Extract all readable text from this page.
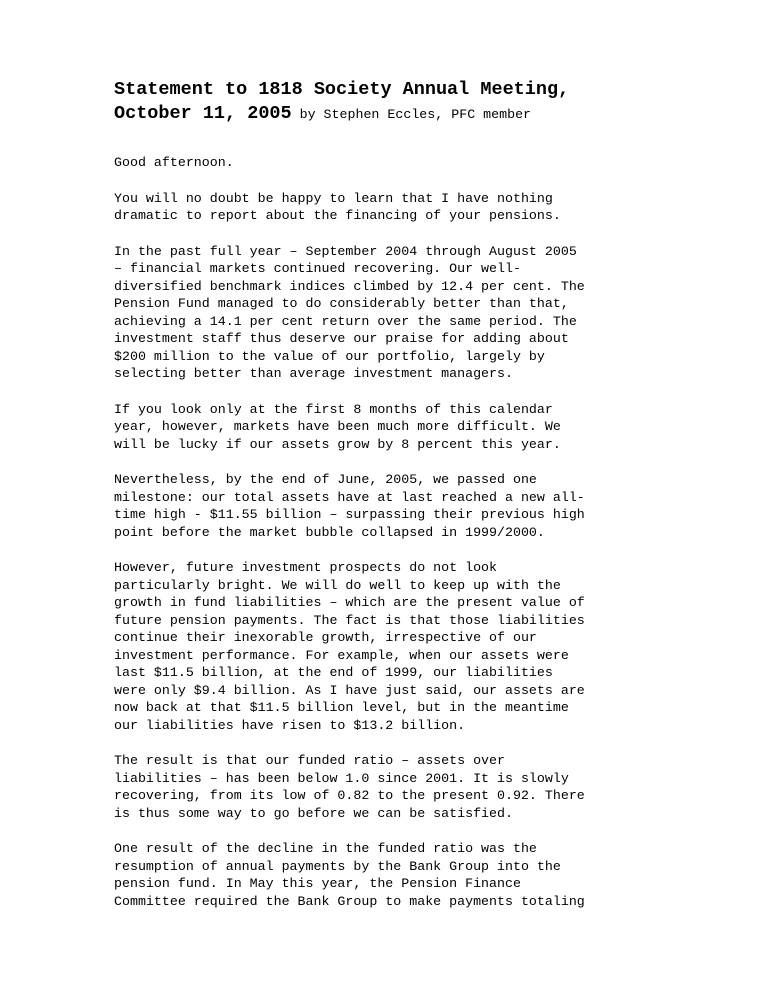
Statement to 1818 Society Annual Meeting,
October 11, 2005 by Stephen Eccles, PFC member

Good afternoon.

You will no doubt be happy to learn that I have nothing
dramatic to report about the financing of your pensions.

In the past full year – September 2004 through August 2005
– financial markets continued recovering. Our well-
diversified benchmark indices climbed by 12.4 per cent. The
Pension Fund managed to do considerably better than that,
achieving a 14.1 per cent return over the same period. The
investment staff thus deserve our praise for adding about
$200 million to the value of our portfolio, largely by
selecting better than average investment managers.

If you look only at the first 8 months of this calendar
year, however, markets have been much more difficult. We
will be lucky if our assets grow by 8 percent this year.

Nevertheless, by the end of June, 2005, we passed one
milestone: our total assets have at last reached a new all-
time high - $11.55 billion – surpassing their previous high
point before the market bubble collapsed in 1999/2000.

However, future investment prospects do not look
particularly bright. We will do well to keep up with the
growth in fund liabilities – which are the present value of
future pension payments. The fact is that those liabilities
continue their inexorable growth, irrespective of our
investment performance. For example, when our assets were
last $11.5 billion, at the end of 1999, our liabilities
were only $9.4 billion. As I have just said, our assets are
now back at that $11.5 billion level, but in the meantime
our liabilities have risen to $13.2 billion.

The result is that our funded ratio – assets over
liabilities – has been below 1.0 since 2001. It is slowly
recovering, from its low of 0.82 to the present 0.92. There
is thus some way to go before we can be satisfied.

One result of the decline in the funded ratio was the
resumption of annual payments by the Bank Group into the
pension fund. In May this year, the Pension Finance
Committee required the Bank Group to make payments totaling
